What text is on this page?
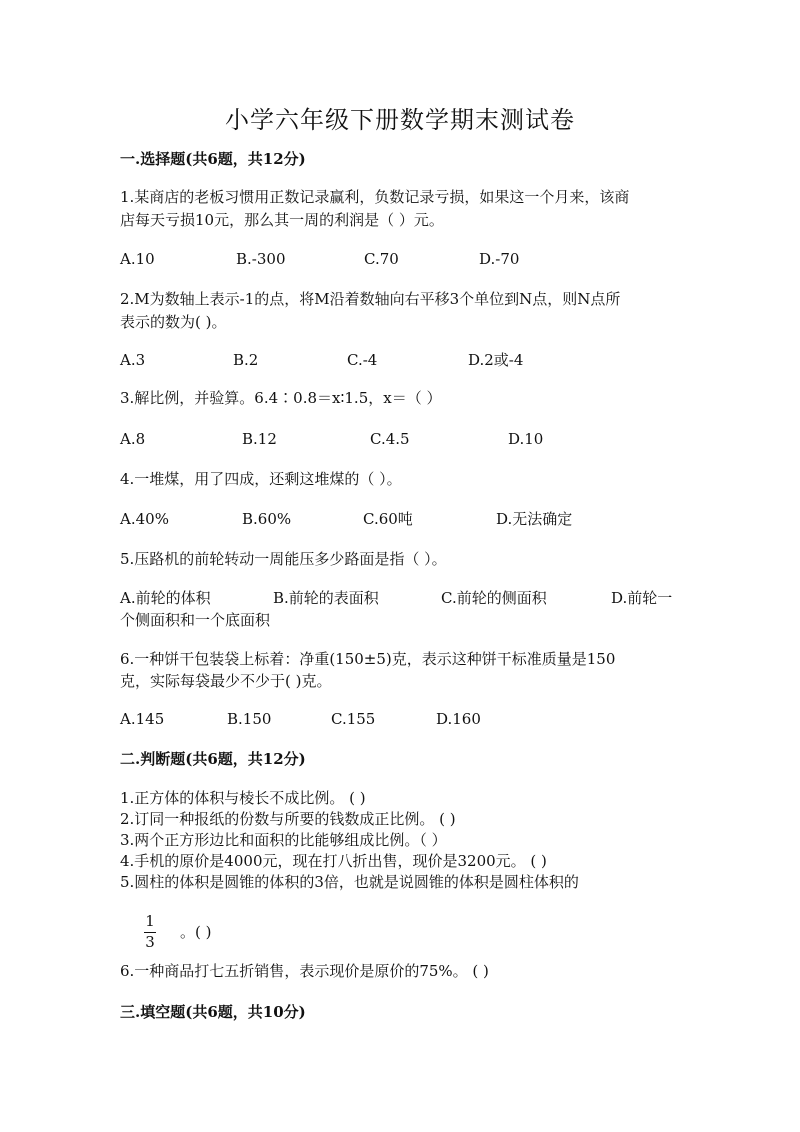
小学六年级下册数学期末测试卷
一.选择题(共6题，共12分)
1.某商店的老板习惯用正数记录赢利，负数记录亏损，如果这一个月来，该商
店每天亏损10元，那么其一周的利润是（ ）元。
A.10	B.-300	C.70	D.-70
2.M为数轴上表示-1的点，将M沿着数轴向右平移3个单位到N点，则N点所
表示的数为( )。
A.3	B.2	C.-4	D.2或-4
3.解比例，并验算。6.4∶0.8＝x∶1.5，x＝（ ）
A.8	B.12	C.4.5	D.10
4.一堆煤，用了四成，还剩这堆煤的（ ）。
A.40%	B.60%	C.60吨	D.无法确定
5.压路机的前轮转动一周能压多少路面是指（ ）。
A.前轮的体积	B.前轮的表面积	C.前轮的侧面积	D.前轮一
个侧面积和一个底面积
6.一种饼干包装袋上标着：净重(150±5)克，表示这种饼干标准质量是150
克，实际每袋最少不少于( )克。
A.145	B.150	C.155	D.160
二.判断题(共6题，共12分)
1.正方体的体积与棱长不成比例。 ( )
2.订同一种报纸的份数与所要的钱数成正比例。 ( )
3.两个正方形边比和面积的比能够组成比例。（ ）
4.手机的原价是4000元，现在打八折出售，现价是3200元。 ( )
5.圆柱的体积是圆锥的体积的3倍，也就是说圆锥的体积是圆柱体积的
1
3
。( )
6.一种商品打七五折销售，表示现价是原价的75%。 ( )
三.填空题(共6题，共10分)
